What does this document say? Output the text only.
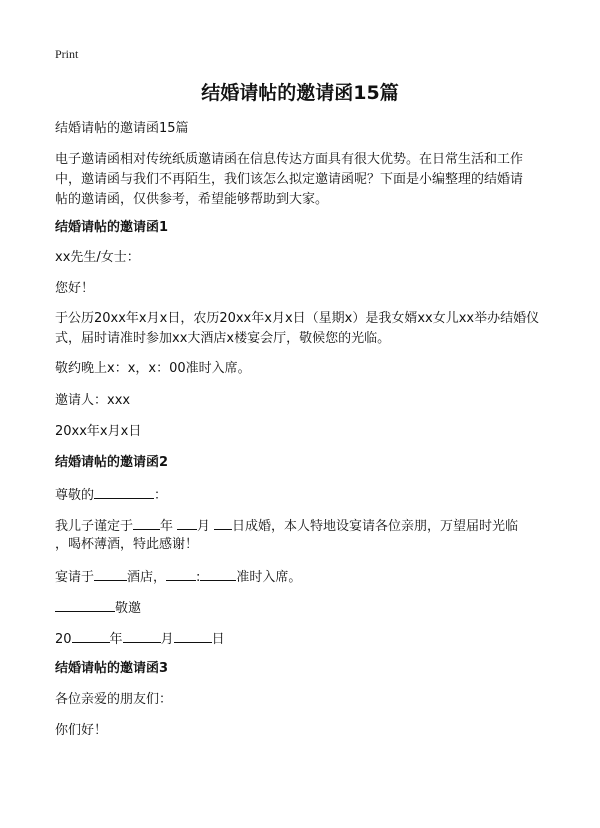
Print
结婚请帖的邀请函15篇
结婚请帖的邀请函15篇
电子邀请函相对传统纸质邀请函在信息传达方面具有很大优势。在日常生活和工作
中，邀请函与我们不再陌生，我们该怎么拟定邀请函呢？下面是小编整理的结婚请
帖的邀请函，仅供参考，希望能够帮助到大家。
结婚请帖的邀请函1
xx先生/女士：
您好！
于公历20xx年x月x日，农历20xx年x月x日（星期x）是我女婿xx女儿xx举办结婚仪
式，届时请准时参加xx大酒店x楼宴会厅，敬候您的光临。
敬约晚上x：x，x：00准时入席。
邀请人：xxx
20xx年x月x日
结婚请帖的邀请函2
尊敬的	：
我儿子谨定于 年 月 日成婚，本人特地设宴请各位亲朋，万望届时光临
，喝杯薄酒，特此感谢！
宴请于	酒店， :	准时入席。
敬邀
20	年	月	日
结婚请帖的邀请函3
各位亲爱的朋友们：
你们好！
